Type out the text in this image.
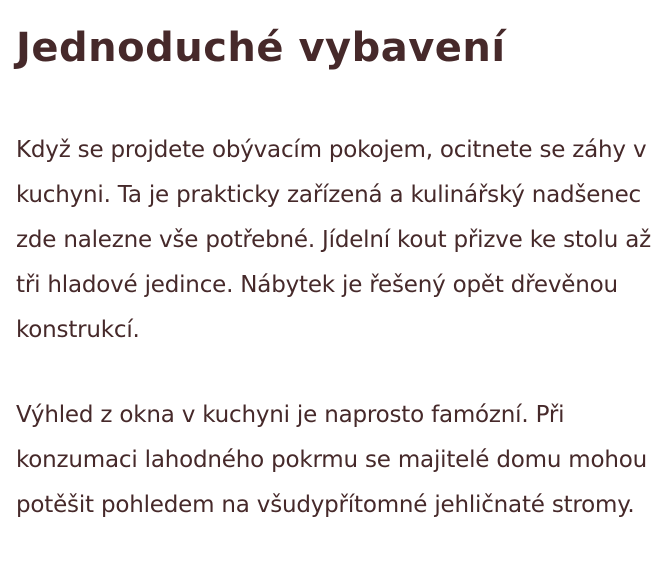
Jednoduché vybavení

Když se projdete obývacím pokojem, ocitnete se záhy v kuchyni. Ta je prakticky zařízená a kulinářský nadšenec zde nalezne vše potřebné. Jídelní kout přizve ke stolu až tři hladové jedince. Nábytek je řešený opět dřevěnou konstrukcí.

Výhled z okna v kuchyni je naprosto famózní. Při konzumaci lahodného pokrmu se majitelé domu mohou potěšit pohledem na všudypřítomné jehličnaté stromy.
